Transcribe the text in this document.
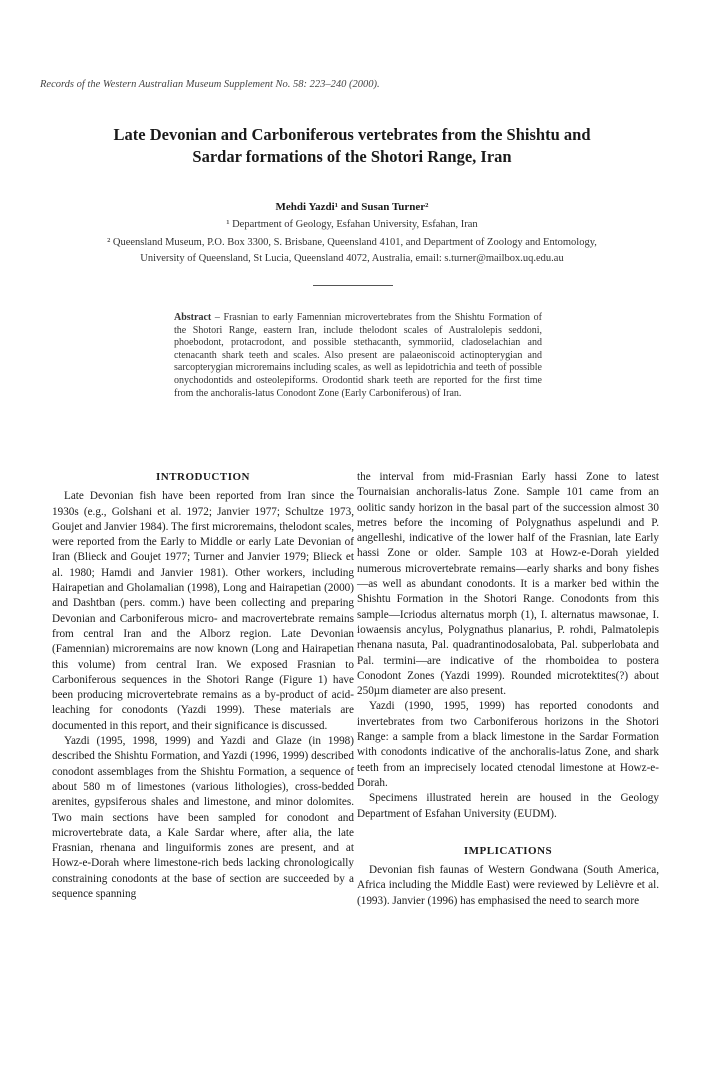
Records of the Western Australian Museum Supplement No. 58: 223–240 (2000).
Late Devonian and Carboniferous vertebrates from the Shishtu and
Sardar formations of the Shotori Range, Iran
Mehdi Yazdi¹ and Susan Turner²
¹ Department of Geology, Esfahan University, Esfahan, Iran
² Queensland Museum, P.O. Box 3300, S. Brisbane, Queensland 4101, and Department of Zoology and Entomology,
University of Queensland, St Lucia, Queensland 4072, Australia, email: s.turner@mailbox.uq.edu.au
Abstract – Frasnian to early Famennian microvertebrates from the Shishtu Formation of the Shotori Range, eastern Iran, include thelodont scales of Australolepis seddoni, phoebodont, protacrodont, and possible stethacanth, symmoriid, cladoselachian and ctenacanth shark teeth and scales. Also present are palaeoniscoid actinopterygian and sarcopterygian microremains including scales, as well as lepidotrichia and teeth of possible onychodontids and osteolepiforms. Orodontid shark teeth are reported for the first time from the anchoralis-latus Conodont Zone (Early Carboniferous) of Iran.
INTRODUCTION

Late Devonian fish have been reported from Iran since the 1930s (e.g., Golshani et al. 1972; Janvier 1977; Schultze 1973, Goujet and Janvier 1984). The first microremains, thelodont scales, were reported from the Early to Middle or early Late Devonian of Iran (Blieck and Goujet 1977; Turner and Janvier 1979; Blieck et al. 1980; Hamdi and Janvier 1981). Other workers, including Hairapetian and Gholamalian (1998), Long and Hairapetian (2000) and Dashtban (pers. comm.) have been collecting and preparing Devonian and Carboniferous micro- and macrovertebrate remains from central Iran and the Alborz region. Late Devonian (Famennian) microremains are now known (Long and Hairapetian this volume) from central Iran. We exposed Frasnian to Carboniferous sequences in the Shotori Range (Figure 1) have been producing microvertebrate remains as a by-product of acid-leaching for conodonts (Yazdi 1999). These materials are documented in this report, and their significance is discussed.

Yazdi (1995, 1998, 1999) and Yazdi and Glaze (in 1998) described the Shishtu Formation, and Yazdi (1996, 1999) described conodont assemblages from the Shishtu Formation, a sequence of about 580 m of limestones (various lithologies), cross-bedded arenites, gypsiferous shales and limestone, and minor dolomites. Two main sections have been sampled for conodont and microvertebrate data, a Kale Sardar where, after alia, the late Frasnian, rhenana and linguiformis zones are present, and at Howz-e-Dorah where limestone-rich beds lacking chronologically constraining conodonts at the base of section are succeeded by a sequence spanning

the interval from mid-Frasnian Early hassi Zone to latest Tournaisian anchoralis-latus Zone. Sample 101 came from an oolitic sandy horizon in the basal part of the succession almost 30 metres before the incoming of Polygnathus aspelundi and P. angelleshi, indicative of the lower half of the Frasnian, late Early hassi Zone or older. Sample 103 at Howz-e-Dorah yielded numerous microvertebrate remains—early sharks and bony fishes—as well as abundant conodonts. It is a marker bed within the Shishtu Formation in the Shotori Range. Conodonts from this sample—Icriodus alternatus morph (1), I. alternatus mawsonae, I. iowaensis ancylus, Polygnathus planarius, P. rohdi, Palmatolepis rhenana nasuta, Pal. quadrantinodosalobata, Pal. subperlobata and Pal. termini—are indicative of the rhomboidea to postera Conodont Zones (Yazdi 1999). Rounded microtektites(?) about 250µm diameter are also present.

Yazdi (1990, 1995, 1999) has reported conodonts and invertebrates from two Carboniferous horizons in the Shotori Range: a sample from a black limestone in the Sardar Formation with conodonts indicative of the anchoralis-latus Zone, and shark teeth from an imprecisely located ctenodal limestone at Howz-e-Dorah.

Specimens illustrated herein are housed in the Geology Department of Esfahan University (EUDM).

IMPLICATIONS

Devonian fish faunas of Western Gondwana (South America, Africa including the Middle East) were reviewed by Lelièvre et al. (1993). Janvier (1996) has emphasised the need to search more
